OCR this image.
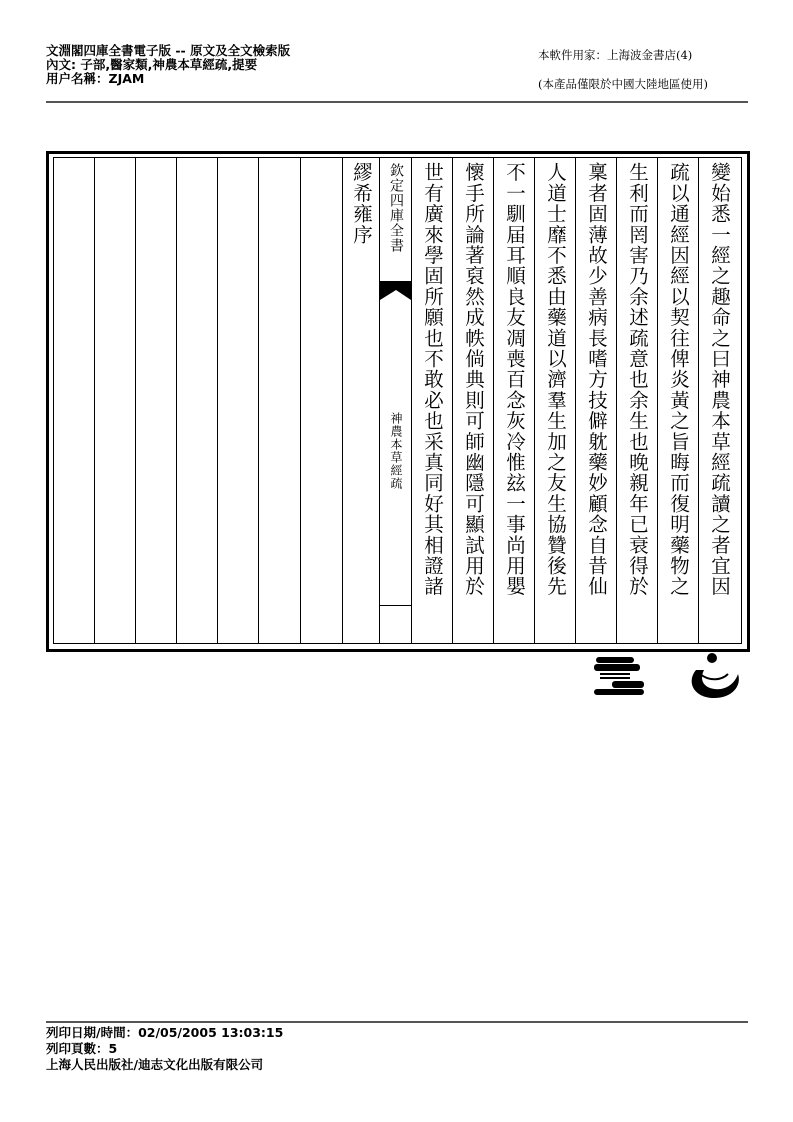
文淵閣四庫全書電子版 -- 原文及全文檢索版
內文: 子部,醫家類,神農本草經疏,提要
用户名稱：ZJAM
本軟件用家：上海波金書店(4)
(本產品僅限於中國大陸地區使用)
變始悉一經之趣命之曰神農本草經疏讀之者宜因
疏以通經因經以契往俾炎黃之旨晦而復明藥物之
生利而罔害乃余述疏意也余生也晚親年已衰得於
稟者固薄故少善病長嗜方技僻躭藥妙顧念自昔仙
人道士靡不悉由藥道以濟羣生加之友生協贊後先
不一馴届耳順良友凋喪百念灰冷惟玆一事尚用嬰
懷手所論著裒然成帙倘典則可師幽隱可顯試用於
世有廣來學固所願也不敢必也采真同好其相證諸
欽定四庫全書
神農本草經疏
繆希雍序
列印日期/時間：02/05/2005 13:03:15
列印頁數：5
上海人民出版社/迪志文化出版有限公司
